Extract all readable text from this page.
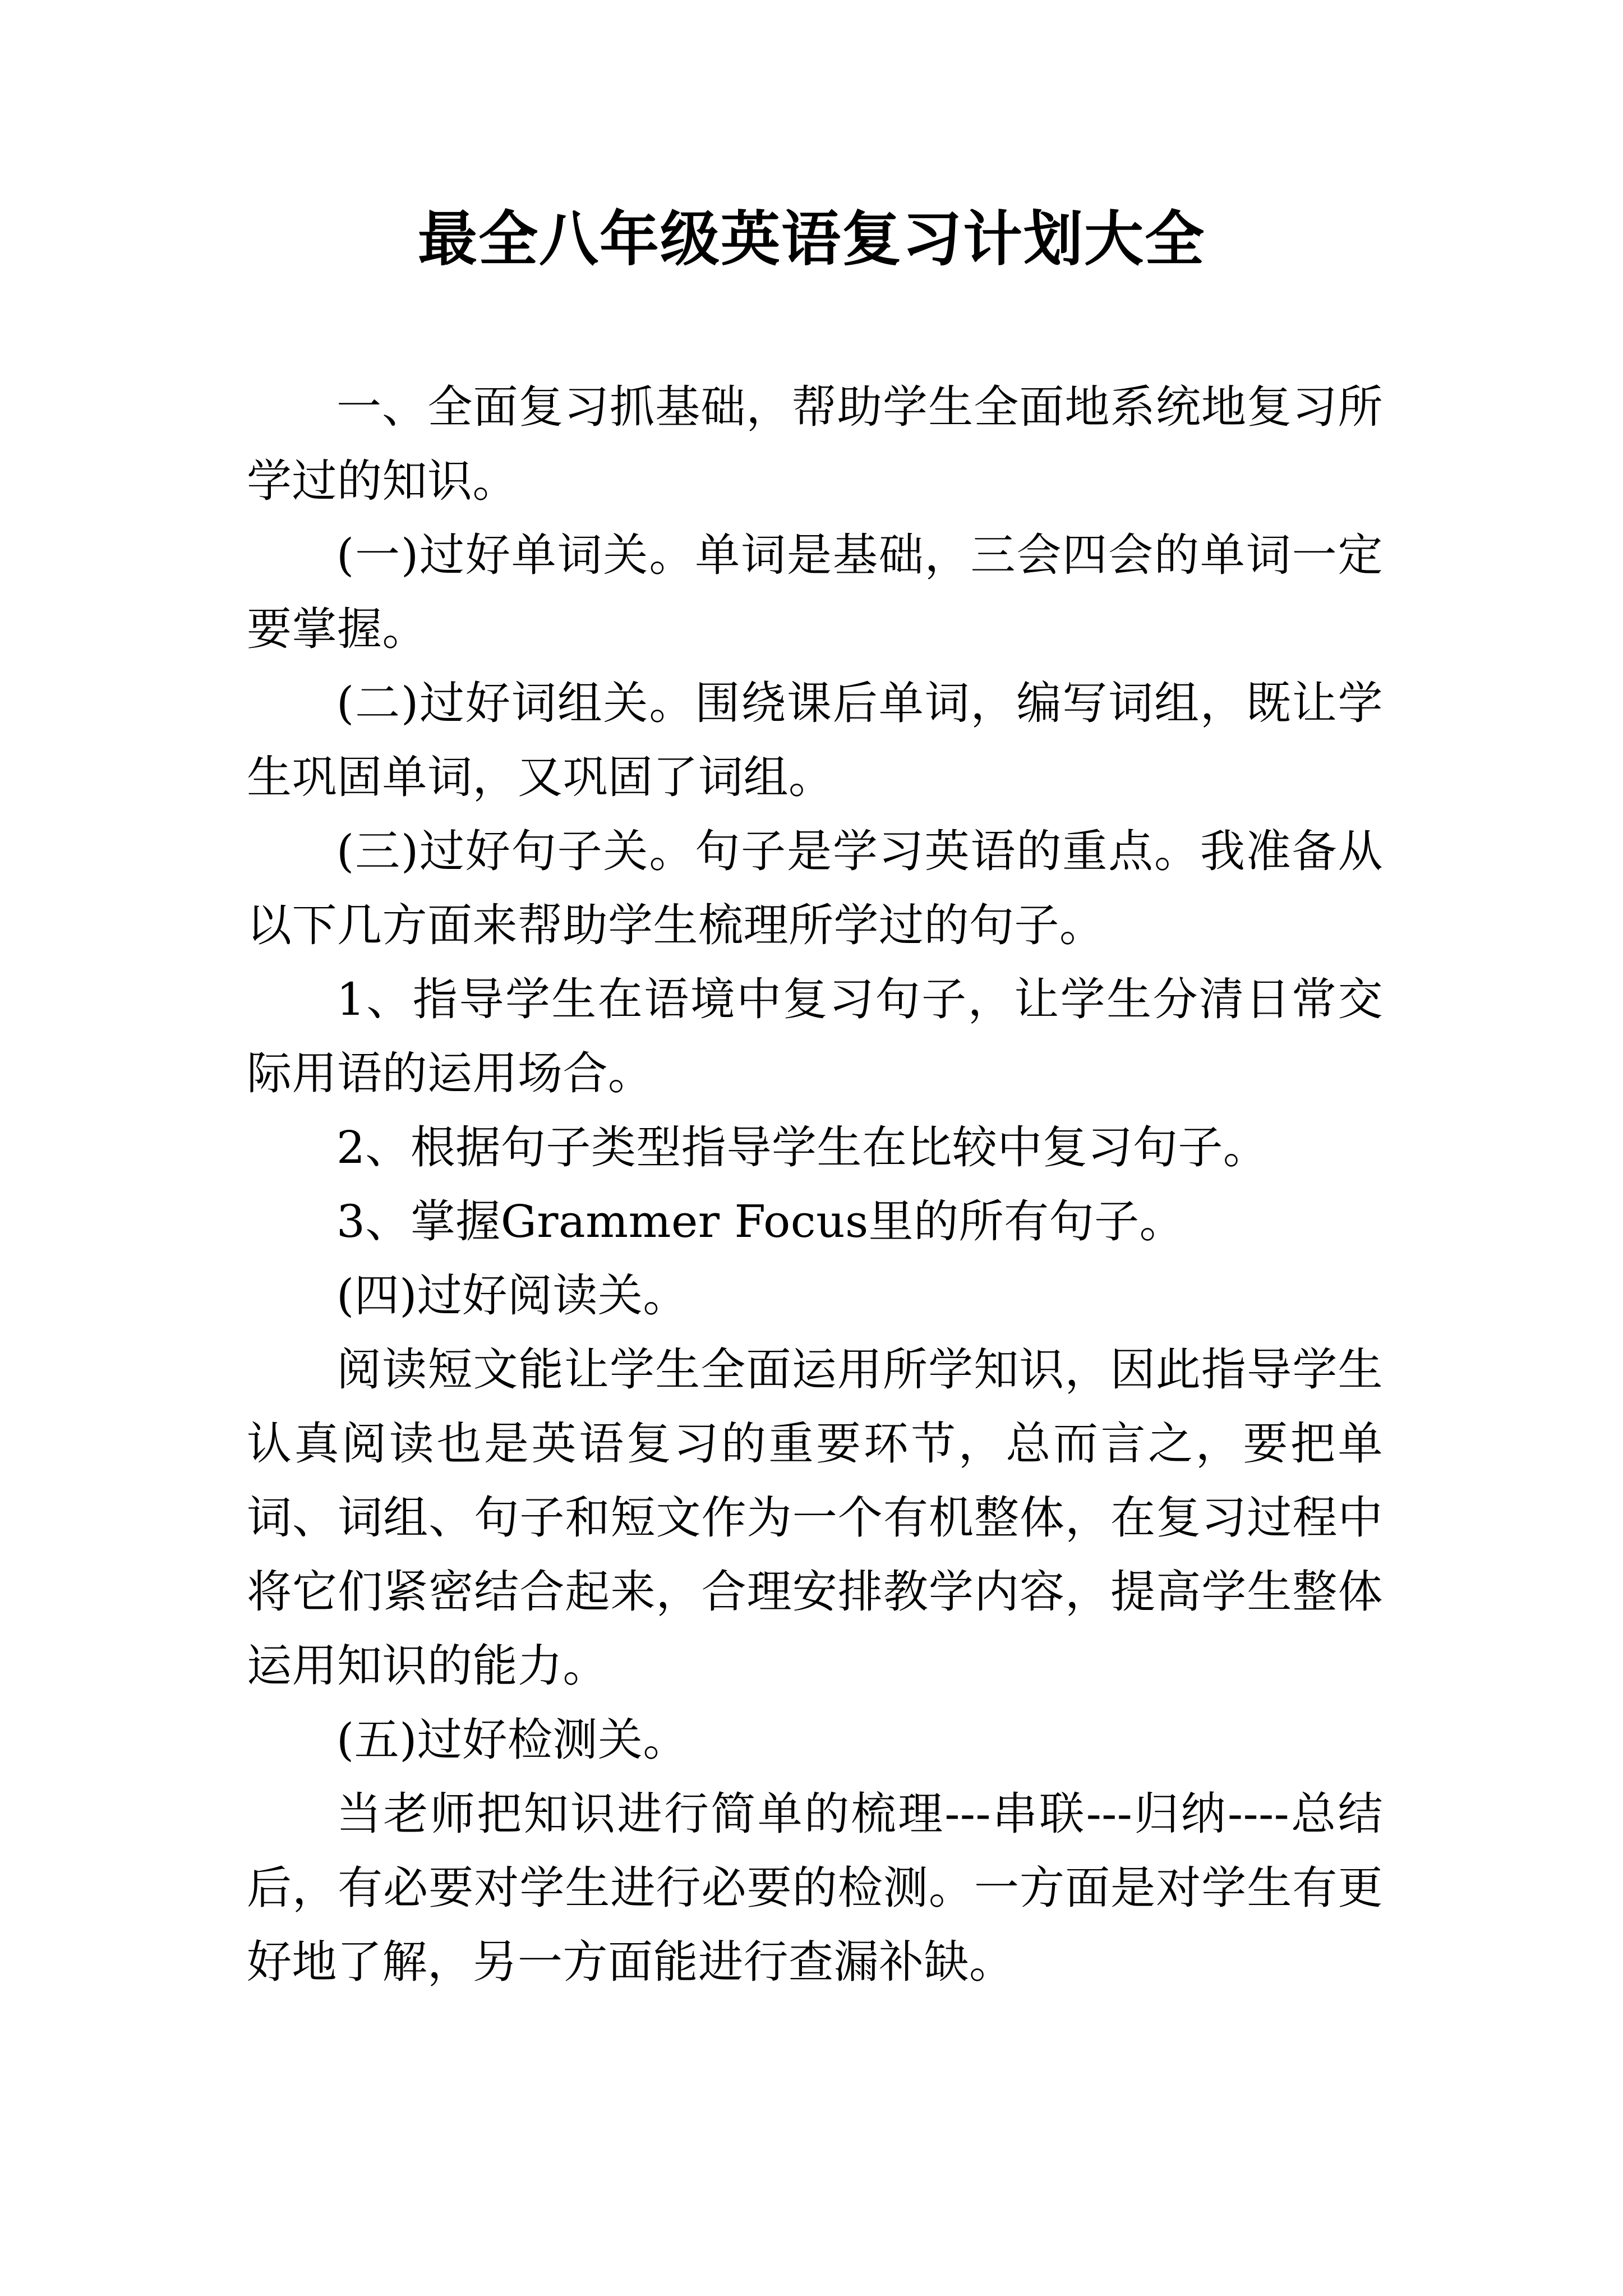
最全八年级英语复习计划大全

一、全面复习抓基础，帮助学生全面地系统地复习所学过的知识。

(一)过好单词关。单词是基础，三会四会的单词一定要掌握。

(二)过好词组关。围绕课后单词，编写词组，既让学生巩固单词，又巩固了词组。

(三)过好句子关。句子是学习英语的重点。我准备从以下几方面来帮助学生梳理所学过的句子。

1、指导学生在语境中复习句子，让学生分清日常交际用语的运用场合。

2、根据句子类型指导学生在比较中复习句子。

3、掌握Grammer Focus里的所有句子。

(四)过好阅读关。

阅读短文能让学生全面运用所学知识，因此指导学生认真阅读也是英语复习的重要环节，总而言之，要把单词、词组、句子和短文作为一个有机整体，在复习过程中将它们紧密结合起来，合理安排教学内容，提高学生整体运用知识的能力。

(五)过好检测关。

当老师把知识进行简单的梳理---串联---归纳----总结后，有必要对学生进行必要的检测。一方面是对学生有更好地了解，另一方面能进行查漏补缺。
